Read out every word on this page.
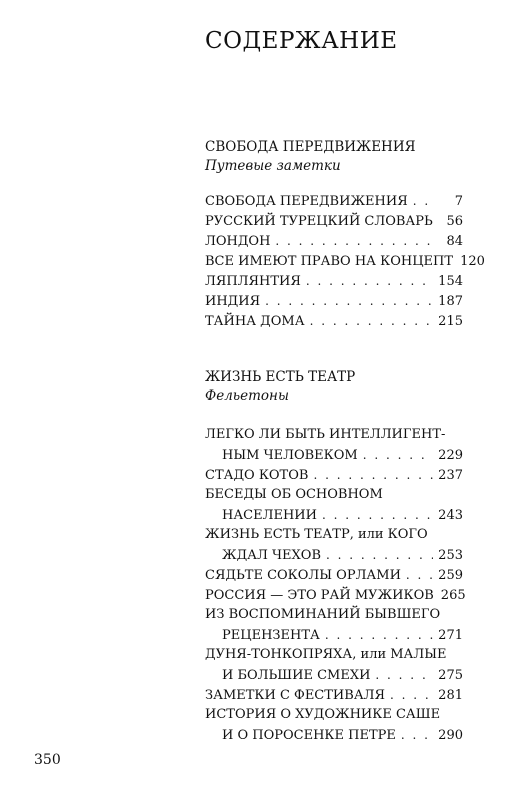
СОДЕРЖАНИЕ
СВОБОДА ПЕРЕДВИЖЕНИЯ
Путевые заметки
СВОБОДА ПЕРЕДВИЖЕНИЯ . . .	7
РУССКИЙ ТУРЕЦКИЙ СЛОВАРЬ	56
ЛОНДОН . . .	84
ВСЕ ИМЕЮТ ПРАВО НА КОНЦЕПТ 120
ЛЯПЛЯНТИЯ . . .	154
ИНДИЯ . . .	187
ТАЙНА ДОМА . . .	215
ЖИЗНЬ ЕСТЬ ТЕАТР
Фельетоны
ЛЕГКО ЛИ БЫТЬ ИНТЕЛЛИГЕНТ-
НЫМ ЧЕЛОВЕКОМ . . .	229
СТАДО КОТОВ . . .	237
БЕСЕДЫ ОБ ОСНОВНОМ
НАСЕЛЕНИИ . . .	243
ЖИЗНЬ ЕСТЬ ТЕАТР, или КОГО
ЖДАЛ ЧЕХОВ . . .	253
СЯДЬТЕ СОКОЛЫ ОРЛАМИ . . .	259
РОССИЯ — ЭТО РАЙ МУЖИКОВ 265
ИЗ ВОСПОМИНАНИЙ БЫВШЕГО
РЕЦЕНЗЕНТА . . .	271
ДУНЯ-ТОНКОПРЯХА, или МАЛЫЕ
И БОЛЬШИЕ СМЕХИ . . .	275
ЗАМЕТКИ С ФЕСТИВАЛЯ . . .	281
ИСТОРИЯ О ХУДОЖНИКЕ САШЕ
И О ПОРОСЕНКЕ ПЕТРЕ . . .	290
350
